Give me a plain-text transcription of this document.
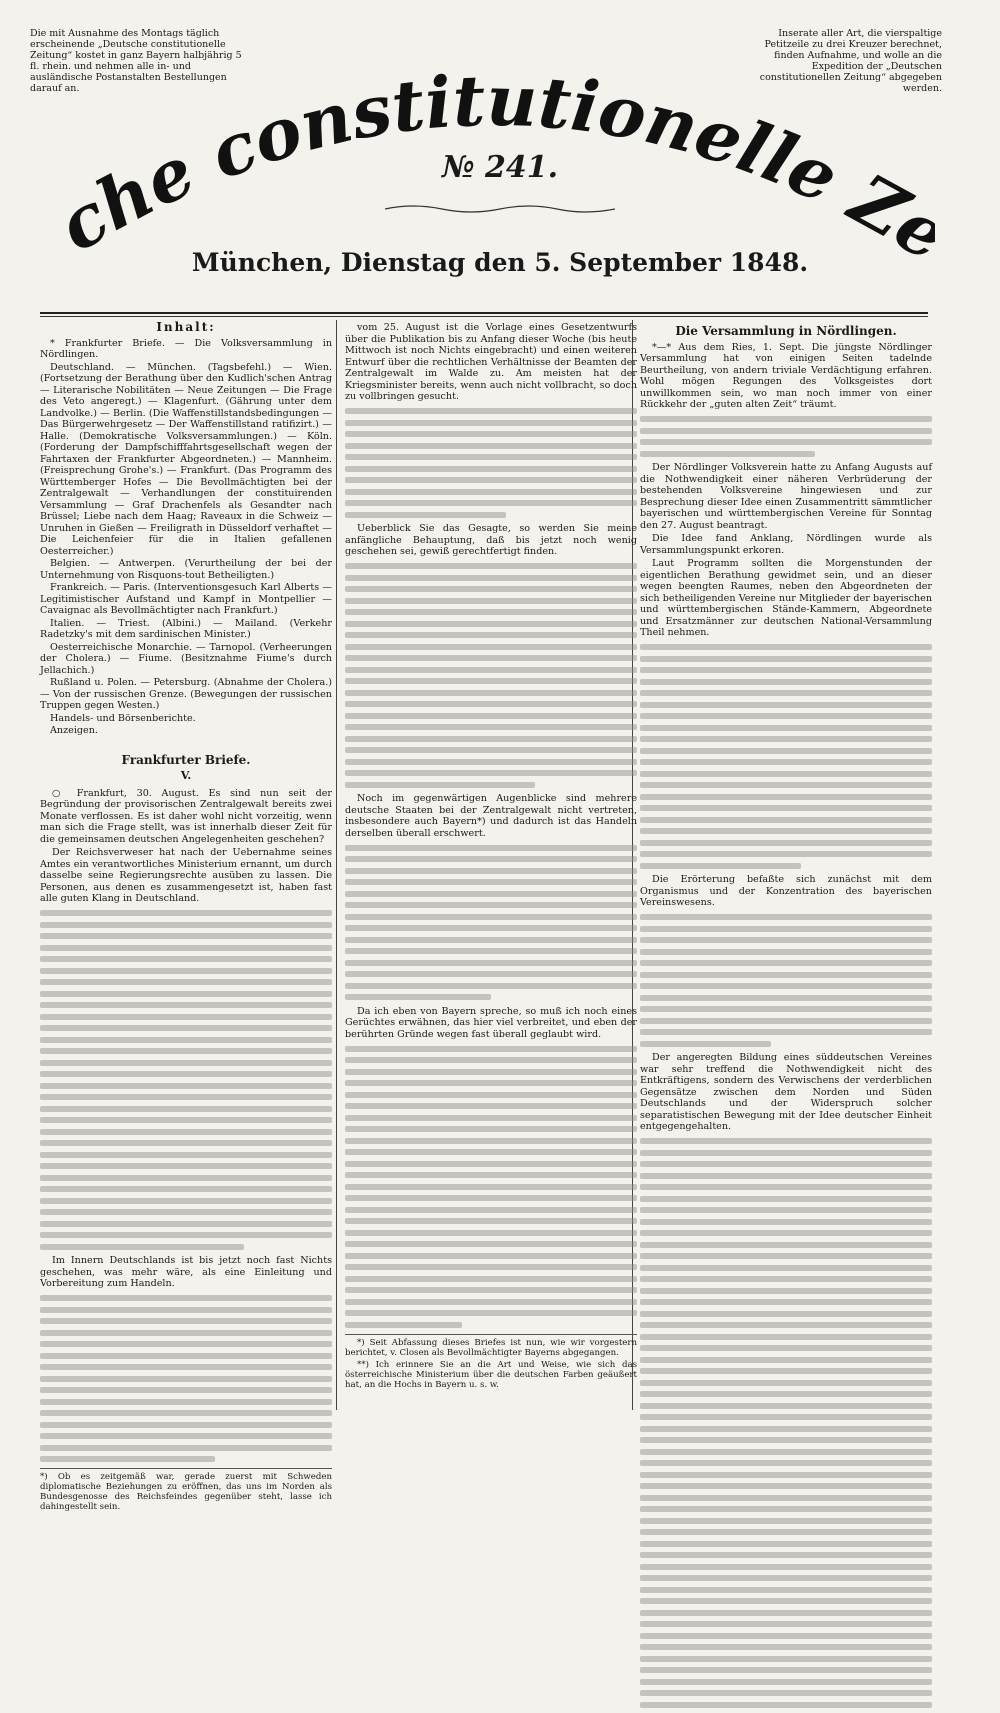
Die mit Ausnahme des Montags täglich erscheinende „Deutsche constitutionelle Zeitung“ kostet in ganz Bayern halbjährig 5 fl. rhein. und nehmen alle in- und ausländische Postanstalten Bestellungen darauf an.
Inserate aller Art, die vierspaltige Petitzeile zu drei Kreuzer berechnet, finden Aufnahme, und wolle an die Expedition der „Deutschen constitutionellen Zeitung“ abgegeben werden.
he constitutionelle Z
№ 241.
München, Dienstag den 5. September 1848.
Inhalt:

* Frankfurter Briefe. — Die Volksversammlung in Nördlingen.

Deutschland. — München. (Tagsbefehl.) — Wien. (Fortsetzung der Berathung über den Kudlich'schen Antrag — Literarische Nobilitäten — Neue Zeitungen — Die Frage des Veto angeregt.) — Klagenfurt. (Gährung unter dem Landvolke.) — Berlin. (Die Waffenstillstandsbedingungen — Das Bürgerwehrgesetz — Der Waffenstillstand ratifizirt.) — Halle. (Demokratische Volksversammlungen.) — Köln. (Forderung der Dampfschifffahrtsgesellschaft wegen der Fahrtaxen der Frankfurter Abgeordneten.) — Mannheim. (Freisprechung Grohe's.) — Frankfurt. (Das Programm des Württemberger Hofes — Die Bevollmächtigten bei der Zentralgewalt — Verhandlungen der constituirenden Versammlung — Graf Drachenfels als Gesandter nach Brüssel; Liebe nach dem Haag; Raveaux in die Schweiz — Unruhen in Gießen — Freiligrath in Düsseldorf verhaftet — Die Leichenfeier für die in Italien gefallenen Oesterreicher.)

Belgien. — Antwerpen. (Verurtheilung der bei der Unternehmung von Risquons-tout Betheiligten.)

Frankreich. — Paris. (Interventionsgesuch Karl Alberts — Legitimistischer Aufstand und Kampf in Montpellier — Cavaignac als Bevollmächtigter nach Frankfurt.)

Italien. — Triest. (Albini.) — Mailand. (Verkehr Radetzky's mit dem sardinischen Minister.)

Oesterreichische Monarchie. — Tarnopol. (Verheerungen der Cholera.) — Fiume. (Besitznahme Fiume's durch Jellachich.)

Rußland u. Polen. — Petersburg. (Abnahme der Cholera.) — Von der russischen Grenze. (Bewegungen der russischen Truppen gegen Westen.)

Handels- und Börsenberichte.

Anzeigen.

Frankfurter Briefe.
V.

○ Frankfurt, 30. August. Es sind nun seit der Begründung der provisorischen Zentralgewalt bereits zwei Monate verflossen. Es ist daher wohl nicht vorzeitig, wenn man sich die Frage stellt, was ist innerhalb dieser Zeit für die gemeinsamen deutschen Angelegenheiten geschehen?

Der Reichsverweser hat nach der Uebernahme seines Amtes ein verantwortliches Ministerium ernannt, um durch dasselbe seine Regierungsrechte ausüben zu lassen. Die Personen, aus denen es zusammengesetzt ist, haben fast alle guten Klang in Deutschland.

Im Innern Deutschlands ist bis jetzt noch fast Nichts geschehen, was mehr wäre, als eine Einleitung und Vorbereitung zum Handeln.

*) Ob es zeitgemäß war, gerade zuerst mit Schweden diplomatische Beziehungen zu eröffnen, das uns im Norden als Bundesgenosse des Reichsfeindes gegenüber steht, lasse ich dahingestellt sein.

vom 25. August ist die Vorlage eines Gesetzentwurfs über die Publikation bis zu Anfang dieser Woche (bis heute Mittwoch ist noch Nichts eingebracht) und einen weiteren Entwurf über die rechtlichen Verhältnisse der Beamten der Zentralgewalt im Walde zu. Am meisten hat der Kriegsminister bereits, wenn auch nicht vollbracht, so doch zu vollbringen gesucht.

Ueberblick Sie das Gesagte, so werden Sie meine anfängliche Behauptung, daß bis jetzt noch wenig geschehen sei, gewiß gerechtfertigt finden.

Noch im gegenwärtigen Augenblicke sind mehrere deutsche Staaten bei der Zentralgewalt nicht vertreten, insbesondere auch Bayern*) und dadurch ist das Handeln derselben überall erschwert.

Da ich eben von Bayern spreche, so muß ich noch eines Gerüchtes erwähnen, das hier viel verbreitet, und eben der berührten Gründe wegen fast überall geglaubt wird.

*) Seit Abfassung dieses Briefes ist nun, wie wir vorgestern berichtet, v. Closen als Bevollmächtigter Bayerns abgegangen.

**) Ich erinnere Sie an die Art und Weise, wie sich das österreichische Ministerium über die deutschen Farben geäußert hat, an die Hochs in Bayern u. s. w.

Die Versammlung in Nördlingen.

*—* Aus dem Ries, 1. Sept. Die jüngste Nördlinger Versammlung hat von einigen Seiten tadelnde Beurtheilung, von andern triviale Verdächtigung erfahren. Wohl mögen Regungen des Volksgeistes dort unwillkommen sein, wo man noch immer von einer Rückkehr der „guten alten Zeit“ träumt.

Der Nördlinger Volksverein hatte zu Anfang Augusts auf die Nothwendigkeit einer näheren Verbrüderung der bestehenden Volksvereine hingewiesen und zur Besprechung dieser Idee einen Zusammentritt sämmtlicher bayerischen und württembergischen Vereine für Sonntag den 27. August beantragt.

Die Idee fand Anklang, Nördlingen wurde als Versammlungspunkt erkoren.

Laut Programm sollten die Morgenstunden der eigentlichen Berathung gewidmet sein, und an dieser wegen beengten Raumes, neben den Abgeordneten der sich betheiligenden Vereine nur Mitglieder der bayerischen und württembergischen Stände-Kammern, Abgeordnete und Ersatzmänner zur deutschen National-Versammlung Theil nehmen.

Die Erörterung befaßte sich zunächst mit dem Organismus und der Konzentration des bayerischen Vereinswesens.

Der angeregten Bildung eines süddeutschen Vereines war sehr treffend die Nothwendigkeit nicht des Entkräftigens, sondern des Verwischens der verderblichen Gegensätze zwischen dem Norden und Süden Deutschlands und der Widerspruch solcher separatistischen Bewegung mit der Idee deutscher Einheit entgegengehalten.
